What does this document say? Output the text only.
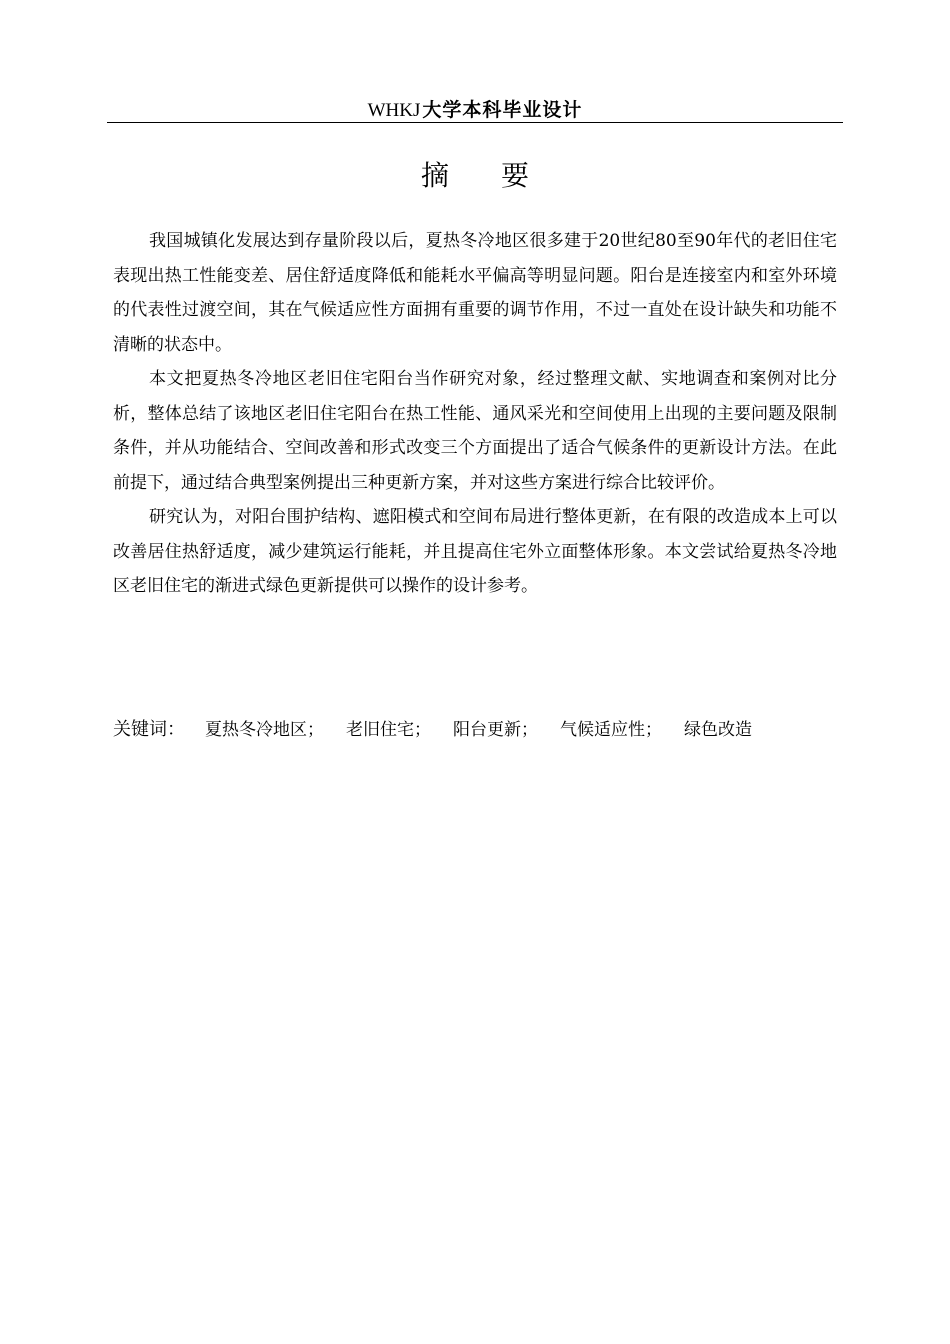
WHKJ 大学本科毕业设计
摘 要

我国城镇化发展达到存量阶段以后，夏热冬冷地区很多建于20世纪80至90年代的老旧住宅表现出热工性能变差、居住舒适度降低和能耗水平偏高等明显问题。阳台是连接室内和室外环境的代表性过渡空间，其在气候适应性方面拥有重要的调节作用，不过一直处在设计缺失和功能不清晰的状态中。

本文把夏热冬冷地区老旧住宅阳台当作研究对象，经过整理文献、实地调查和案例对比分析，整体总结了该地区老旧住宅阳台在热工性能、通风采光和空间使用上出现的主要问题及限制条件，并从功能结合、空间改善和形式改变三个方面提出了适合气候条件的更新设计方法。在此前提下，通过结合典型案例提出三种更新方案，并对这些方案进行综合比较评价。

研究认为，对阳台围护结构、遮阳模式和空间布局进行整体更新，在有限的改造成本上可以改善居住热舒适度，减少建筑运行能耗，并且提高住宅外立面整体形象。本文尝试给夏热冬冷地区老旧住宅的渐进式绿色更新提供可以操作的设计参考。

关键词： 夏热冬冷地区； 老旧住宅； 阳台更新； 气候适应性； 绿色改造
